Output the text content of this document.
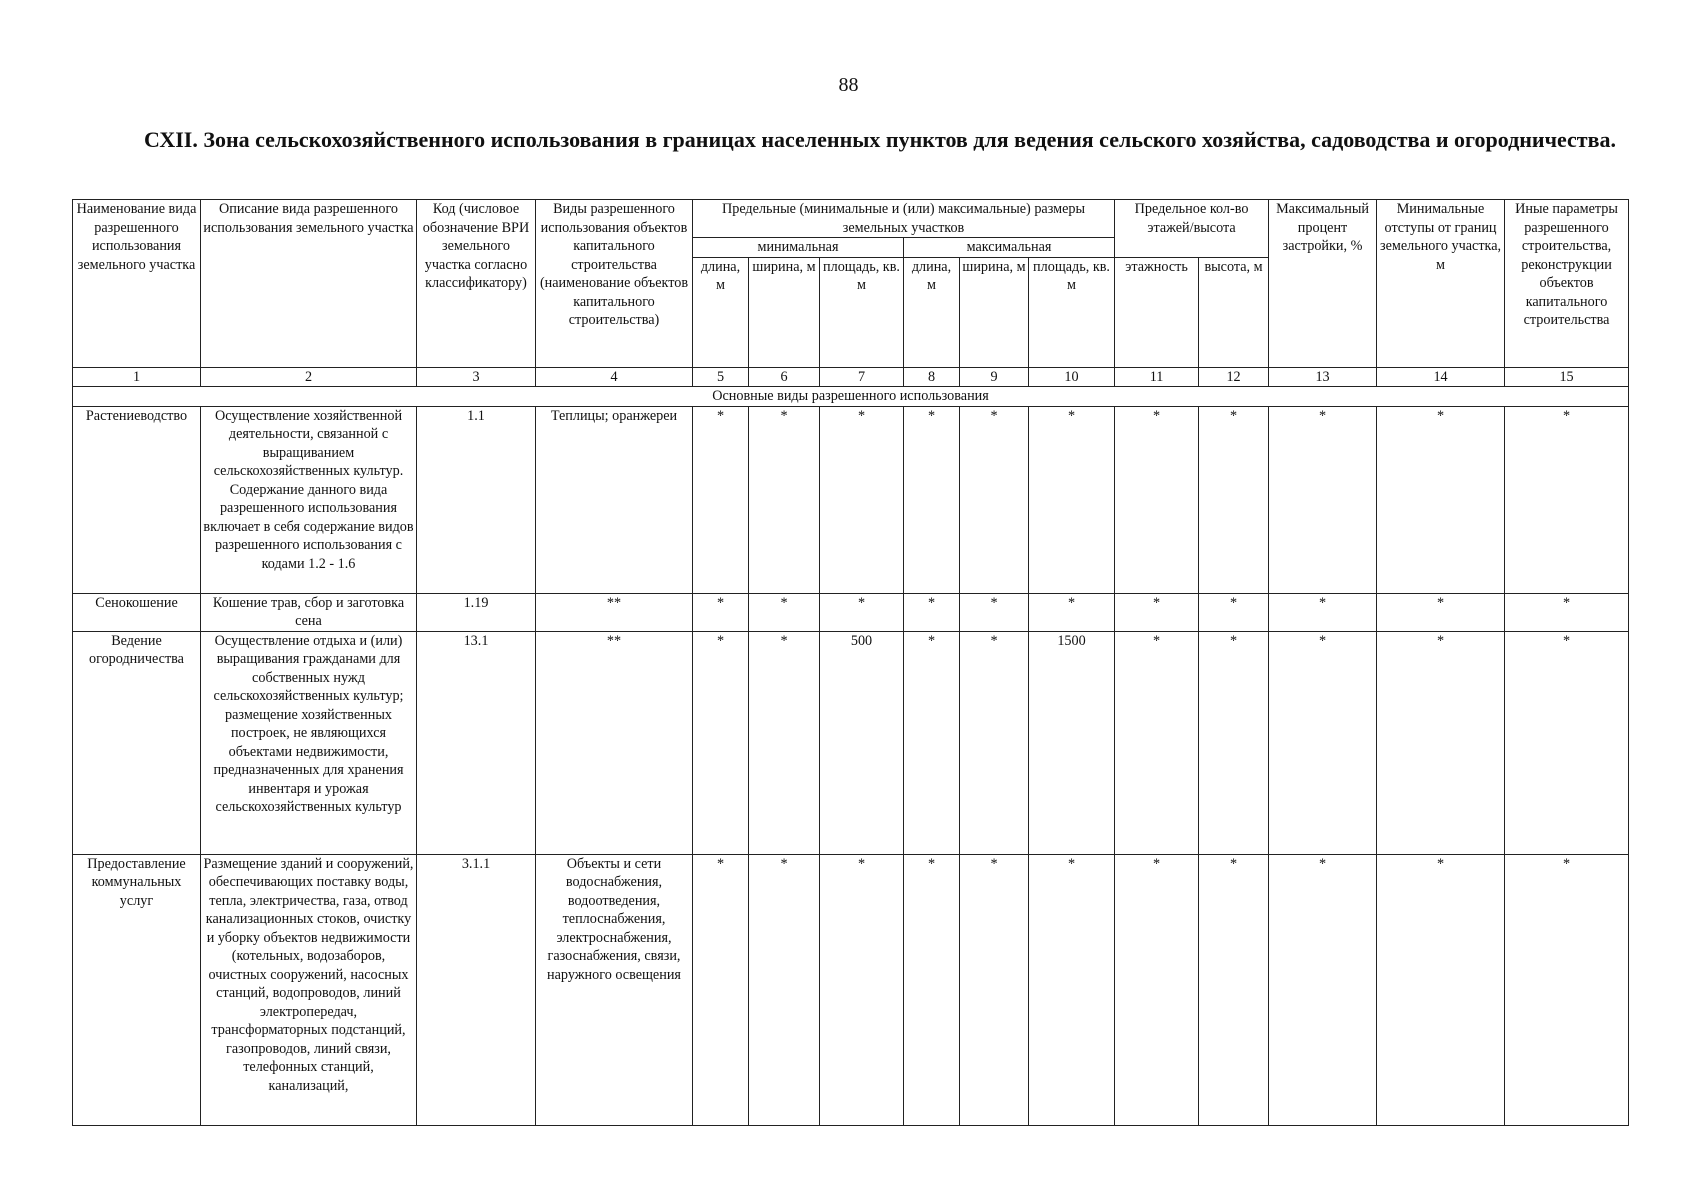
88
СХII. Зона сельскохозяйственного использования в границах населенных пунктов для ведения сельского хозяйства, садоводства и огородничества.
Наименование вида разрешенного использования земельного участка	Описание вида разрешенного использования земельного участка	Код (числовое обозначение ВРИ земельного участка согласно классификатору)	Виды разрешенного использования объектов капитального строительства (наименование объектов капитального строительства)	Предельные (минимальные и (или) максимальные) размеры земельных участков						Предельное кол-во этажей/высота		Максимальный процент застройки, %	Минимальные отступы от границ земельного участка, м	Иные параметры разрешенного строительства, реконструкции объектов капитального строительства
				минимальная			максимальная							
				длина, м	ширина, м	площадь, кв. м	длина, м	ширина, м	площадь, кв. м	этажность	высота, м			
1	2	3	4	5	6	7	8	9	10	11	12	13	14	15
Основные виды разрешенного использования														
Растениеводство	Осуществление хозяйственной деятельности, связанной с выращиванием сельскохозяйственных культур. Содержание данного вида разрешенного использования включает в себя содержание видов разрешенного использования с кодами 1.2 - 1.6	1.1	Теплицы; оранжереи	*	*	*	*	*	*	*	*	*	*	*
Сенокошение	Кошение трав, сбор и заготовка сена	1.19	**	*	*	*	*	*	*	*	*	*	*	*
Ведение огородничества	Осуществление отдыха и (или) выращивания гражданами для собственных нужд сельскохозяйственных культур; размещение хозяйственных построек, не являющихся объектами недвижимости, предназначенных для хранения инвентаря и урожая сельскохозяйственных культур	13.1	**	*	*	500	*	*	1500	*	*	*	*	*
Предоставление коммунальных услуг	Размещение зданий и сооружений, обеспечивающих поставку воды, тепла, электричества, газа, отвод канализационных стоков, очистку и уборку объектов недвижимости (котельных, водозаборов, очистных сооружений, насосных станций, водопроводов, линий электропередач, трансформаторных подстанций, газопроводов, линий связи, телефонных станций, канализаций,	3.1.1	Объекты и сети водоснабжения, водоотведения, теплоснабжения, электроснабжения, газоснабжения, связи, наружного освещения	*	*	*	*	*	*	*	*	*	*	*
